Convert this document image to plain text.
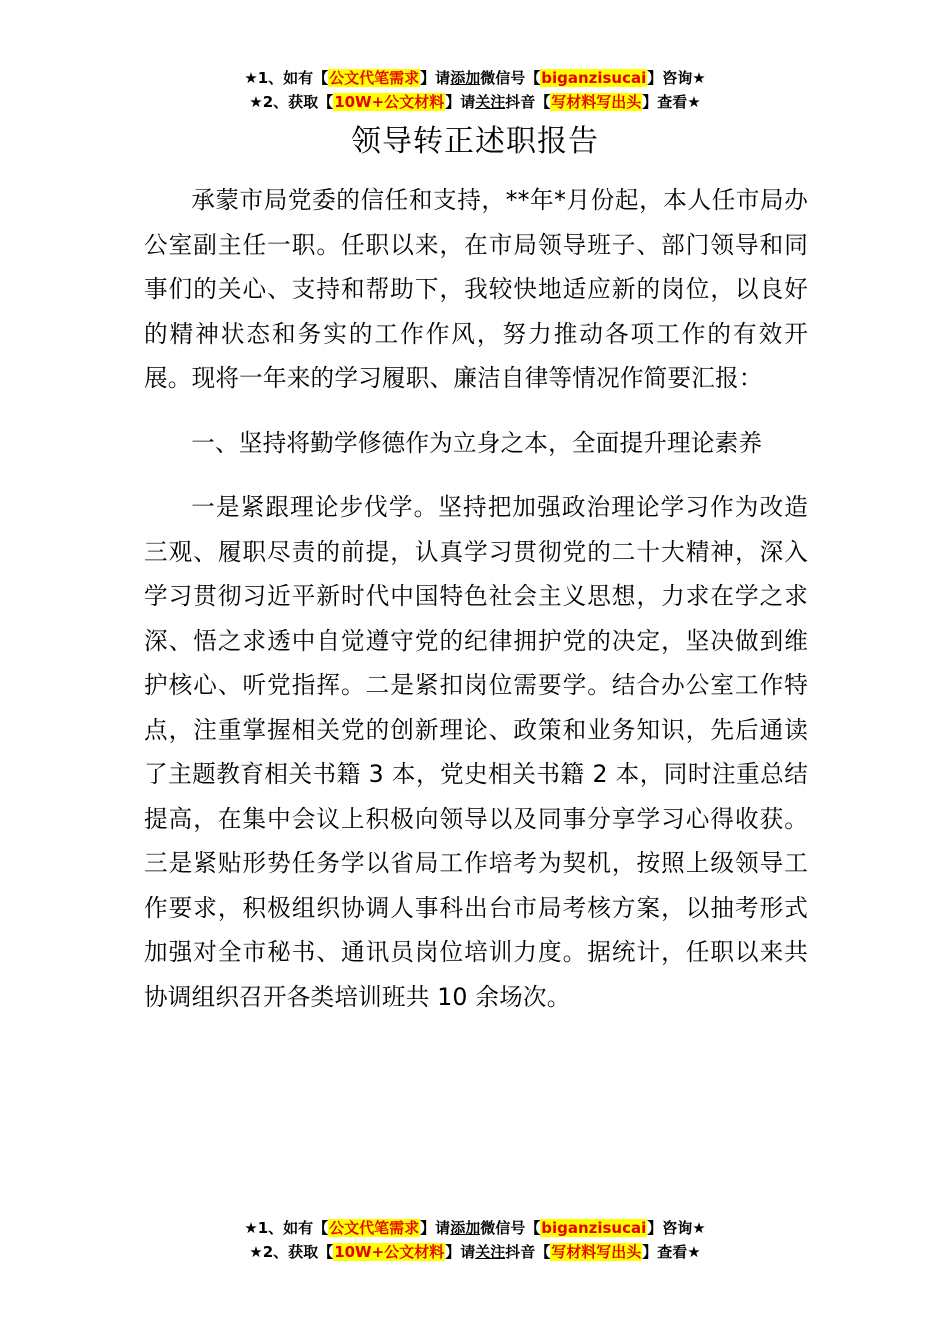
★1、如有【公文代笔需求】请添加微信号【biganzisucai】咨询★
★2、获取【10W+公文材料】请关注抖音【写材料写出头】查看★
领导转正述职报告

承蒙市局党委的信任和支持，**年*月份起，本人任市局办公室副主任一职。任职以来，在市局领导班子、部门领导和同事们的关心、支持和帮助下，我较快地适应新的岗位，以良好的精神状态和务实的工作作风，努力推动各项工作的有效开展。现将一年来的学习履职、廉洁自律等情况作简要汇报：

一、坚持将勤学修德作为立身之本，全面提升理论素养

一是紧跟理论步伐学。坚持把加强政治理论学习作为改造三观、履职尽责的前提，认真学习贯彻党的二十大精神，深入学习贯彻习近平新时代中国特色社会主义思想，力求在学之求深、悟之求透中自觉遵守党的纪律拥护党的决定，坚决做到维护核心、听党指挥。二是紧扣岗位需要学。结合办公室工作特点，注重掌握相关党的创新理论、政策和业务知识，先后通读了主题教育相关书籍 3 本，党史相关书籍 2 本，同时注重总结提高，在集中会议上积极向领导以及同事分享学习心得收获。三是紧贴形势任务学以省局工作培考为契机，按照上级领导工作要求，积极组织协调人事科出台市局考核方案，以抽考形式加强对全市秘书、通讯员岗位培训力度。据统计，任职以来共协调组织召开各类培训班共 10 余场次。

★1、如有【公文代笔需求】请添加微信号【biganzisucai】咨询★
★2、获取【10W+公文材料】请关注抖音【写材料写出头】查看★
